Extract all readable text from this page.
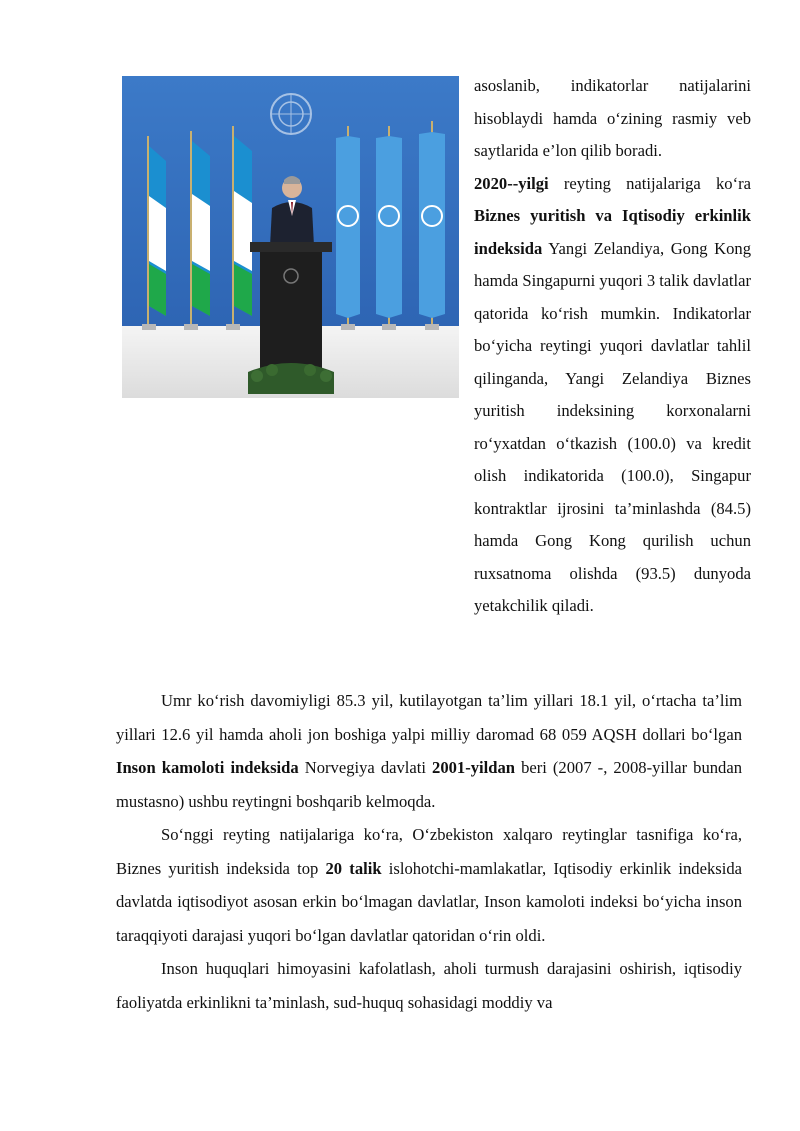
asoslanib, indikatorlar natijalarini hisoblaydi hamda o‘zining rasmiy veb saytlarida e’lon qilib boradi.

2020--yilgi reyting natijalariga ko‘ra Biznes yuritish va Iqtisodiy erkinlik indeksida Yangi Zelandiya, Gong Kong hamda Singapurni yuqori 3 talik davlatlar qatorida ko‘rish mumkin. Indikatorlar bo‘yicha reytingi yuqori davlatlar tahlil qilinganda, Yangi Zelandiya Biznes yuritish indeksining korxonalarni ro‘yxatdan o‘tkazish (100.0) va kredit olish indikatorida (100.0), Singapur kontraktlar ijrosini ta’minlashda (84.5) hamda Gong Kong qurilish uchun ruxsatnoma olishda (93.5) dunyoda yetakchilik qiladi.

Umr ko‘rish davomiyligi 85.3 yil, kutilayotgan ta’lim yillari 18.1 yil, o‘rtacha ta’lim yillari 12.6 yil hamda aholi jon boshiga yalpi milliy daromad 68 059 AQSH dollari bo‘lgan Inson kamoloti indeksida Norvegiya davlati 2001-yildan beri (2007 -, 2008-yillar bundan mustasno) ushbu reytingni boshqarib kelmoqda.

So‘nggi reyting natijalariga ko‘ra, O‘zbekiston xalqaro reytinglar tasnifiga ko‘ra, Biznes yuritish indeksida top 20 talik islohotchi-mamlakatlar, Iqtisodiy erkinlik indeksida davlatda iqtisodiyot asosan erkin bo‘lmagan davlatlar, Inson kamoloti indeksi bo‘yicha inson taraqqiyoti darajasi yuqori bo‘lgan davlatlar qatoridan o‘rin oldi.

Inson huquqlari himoyasini kafolatlash, aholi turmush darajasini oshirish, iqtisodiy faoliyatda erkinlikni ta’minlash, sud-huquq sohasidagi moddiy va
